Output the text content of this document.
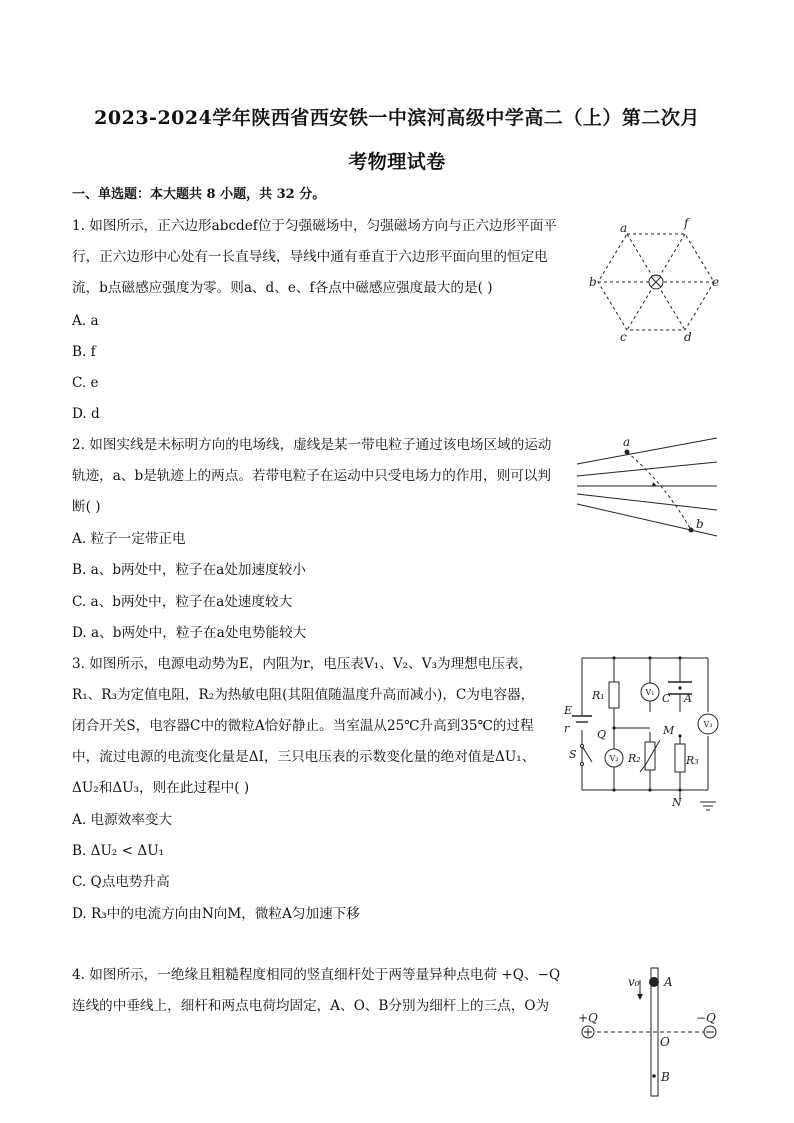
2023-2024学年陕西省西安铁一中滨河高级中学高二（上）第二次月
考物理试卷
一、单选题：本大题共 8 小题，共 32 分。
1. 如图所示，正六边形abcdef位于匀强磁场中，匀强磁场方向与正六边形平面平
行，正六边形中心处有一长直导线，导线中通有垂直于六边形平面向里的恒定电
流，b点磁感应强度为零。则a、d、e、f各点中磁感应强度最大的是( )
A. a
B. f
C. e
D. d
a	f
b	e
c	d
2. 如图实线是未标明方向的电场线，虚线是某一带电粒子通过该电场区域的运动
轨迹，a、b是轨迹上的两点。若带电粒子在运动中只受电场力的作用，则可以判
断( )
A. 粒子一定带正电
B. a、b两处中，粒子在a处加速度较小
C. a、b两处中，粒子在a处速度较大
D. a、b两处中，粒子在a处电势能较大
a
b
3. 如图所示，电源电动势为E，内阻为r，电压表V₁、V₂、V₃为理想电压表，
R₁、R₃为定值电阻，R₂为热敏电阻(其阻值随温度升高而减小)，C为电容器，
闭合开关S，电容器C中的微粒A恰好静止。当室温从25℃升高到35℃的过程
中，流过电源的电流变化量是ΔI，三只电压表的示数变化量的绝对值是ΔU₁、
ΔU₂和ΔU₃，则在此过程中( )
A. 电源效率变大
B. ΔU₂ < ΔU₁
C. Q点电势升高
D. R₃中的电流方向由N向M，微粒A匀加速下移
E
r
S
R₁
R₂	R₃
Q	M
N
C A
V₁
V₂
V₃
4. 如图所示，一绝缘且粗糙程度相同的竖直细杆处于两等量异种点电荷 +Q、−Q
连线的中垂线上，细杆和两点电荷均固定，A、O、B分别为细杆上的三点，O为
v₀ A
O
B
+Q	−Q
